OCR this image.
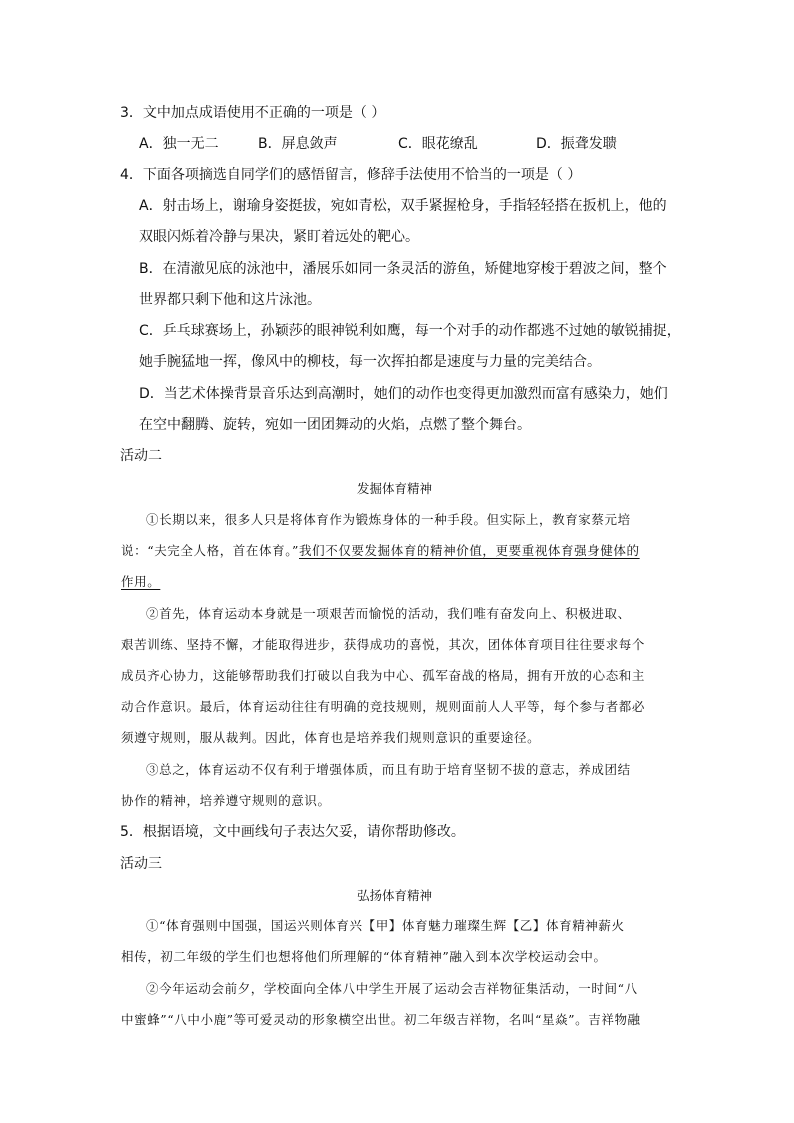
3．文中加点成语使用不正确的一项是（ ）
A．独一无二	B．屏息敛声	C．眼花缭乱	D．振聋发聩
4．下面各项摘选自同学们的感悟留言，修辞手法使用不恰当的一项是（ ）
A．射击场上，谢瑜身姿挺拔，宛如青松，双手紧握枪身，手指轻轻搭在扳机上，他的
双眼闪烁着冷静与果决，紧盯着远处的靶心。
B．在清澈见底的泳池中，潘展乐如同一条灵活的游鱼，矫健地穿梭于碧波之间，整个
世界都只剩下他和这片泳池。
C．乒乓球赛场上，孙颖莎的眼神锐利如鹰，每一个对手的动作都逃不过她的敏锐捕捉，
她手腕猛地一挥，像风中的柳枝，每一次挥拍都是速度与力量的完美结合。
D．当艺术体操背景音乐达到高潮时，她们的动作也变得更加激烈而富有感染力，她们
在空中翻腾、旋转，宛如一团团舞动的火焰，点燃了整个舞台。
活动二
发掘体育精神
①长期以来，很多人只是将体育作为锻炼身体的一种手段。但实际上，教育家蔡元培
说：“夫完全人格，首在体育。”我们不仅要发掘体育的精神价值，更要重视体育强身健体的
作用。
②首先，体育运动本身就是一项艰苦而愉悦的活动，我们唯有奋发向上、积极进取、
艰苦训练、坚持不懈，才能取得进步，获得成功的喜悦，其次，团体体育项目往往要求每个
成员齐心协力，这能够帮助我们打破以自我为中心、孤军奋战的格局，拥有开放的心态和主
动合作意识。最后，体育运动往往有明确的竞技规则，规则面前人人平等，每个参与者都必
须遵守规则，服从裁判。因此，体育也是培养我们规则意识的重要途径。
③总之，体育运动不仅有利于增强体质，而且有助于培育坚韧不拔的意志，养成团结
协作的精神，培养遵守规则的意识。
5．根据语境，文中画线句子表达欠妥，请你帮助修改。
活动三
弘扬体育精神
①“体育强则中国强，国运兴则体育兴【甲】体育魅力璀璨生辉【乙】体育精神薪火
相传，初二年级的学生们也想将他们所理解的“体育精神”融入到本次学校运动会中。
②今年运动会前夕，学校面向全体八中学生开展了运动会吉祥物征集活动，一时间“八
中蜜蜂”“八中小鹿”等可爱灵动的形象横空出世。初二年级吉祥物，名叫“星焱”。吉祥物融
